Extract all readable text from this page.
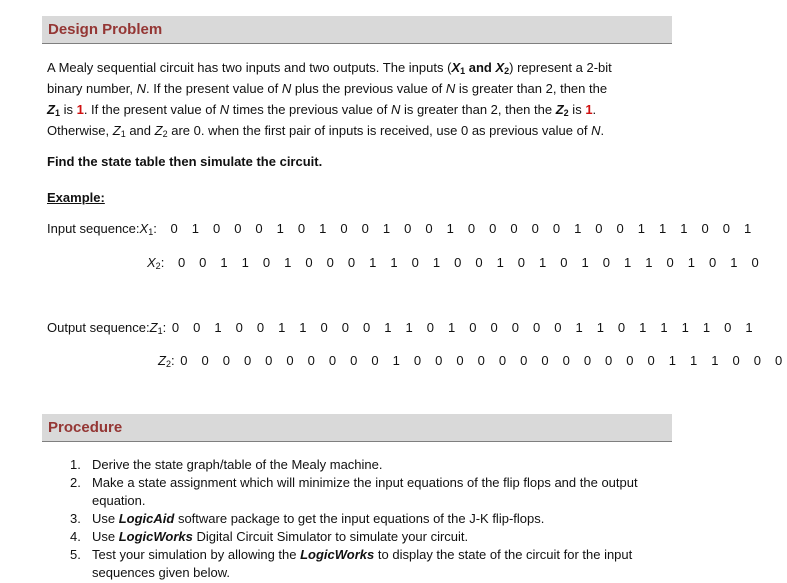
Design Problem
A Mealy sequential circuit has two inputs and two outputs. The inputs ($X_1$ and $X_2$) represent a 2-bit
binary number, N. If the present value of N plus the previous value of N is greater than 2, then the
$Z_1$ is 1. If the present value of N times the previous value of N is greater than 2, then the $Z_2$ is 1.
Otherwise, $Z_1$ and $Z_2$ are 0. when the first pair of inputs is received, use 0 as previous value of N.
Find the state table then simulate the circuit.
Example:
Input $sequence:X_1$: 0 1 0 0 0 1 0 1 0 0 1 0 0 1 0 0 0 0 0 1 0 0 1 1 1 0 0 1
$X_2$: 0 0 1 1 0 1 0 0 0 1 1 0 1 0 0 1 0 1 0 1 0 1 1 0 1 0 1 0
Output $sequence:Z_1$: 0 0 1 0 0 1 1 0 0 0 1 1 0 1 0 0 0 0 0 1 1 0 1 1 1 1 0 1
$Z_2$: 0 0 0 0 0 0 0 0 0 0 1 0 0 0 0 0 0 0 0 0 0 0 0 1 1 1 0 0 0
Procedure
1. Derive the state graph/table of the Mealy machine.
2. Make a state assignment which will minimize the input equations of the flip flops and the output equation.
3. Use LogicAid software package to get the input equations of the J-K flip-flops.
4. Use LogicWorks Digital Circuit Simulator to simulate your circuit.
5. Test your simulation by allowing the LogicWorks to display the state of the circuit for the input sequences given below.
